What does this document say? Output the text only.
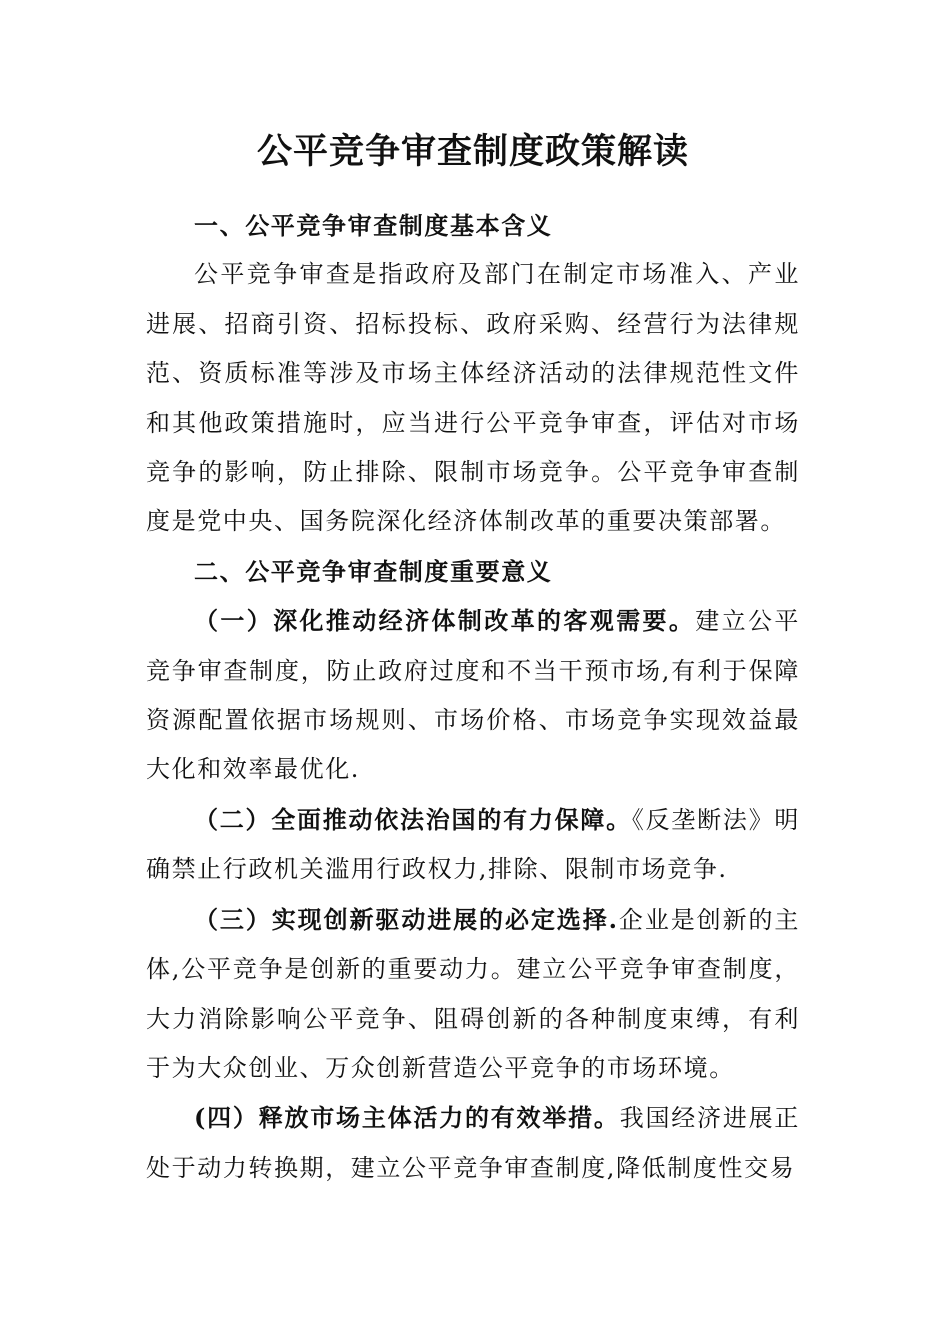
公平竞争审查制度政策解读
一、公平竞争审查制度基本含义

公平竞争审查是指政府及部门在制定市场准入、产业进展、招商引资、招标投标、政府采购、经营行为法律规范、资质标准等涉及市场主体经济活动的法律规范性文件和其他政策措施时，应当进行公平竞争审查，评估对市场竞争的影响，防止排除、限制市场竞争。公平竞争审查制度是党中央、国务院深化经济体制改革的重要决策部署。

二、公平竞争审查制度重要意义

（一）深化推动经济体制改革的客观需要。建立公平竞争审查制度，防止政府过度和不当干预市场,有利于保障资源配置依据市场规则、市场价格、市场竞争实现效益最大化和效率最优化.

（二）全面推动依法治国的有力保障。《反垄断法》明确禁止行政机关滥用行政权力,排除、限制市场竞争.

（三）实现创新驱动进展的必定选择.企业是创新的主体,公平竞争是创新的重要动力。建立公平竞争审查制度，大力消除影响公平竞争、阻碍创新的各种制度束缚，有利于为大众创业、万众创新营造公平竞争的市场环境。

(四）释放市场主体活力的有效举措。我国经济进展正处于动力转换期，建立公平竞争审查制度,降低制度性交易
